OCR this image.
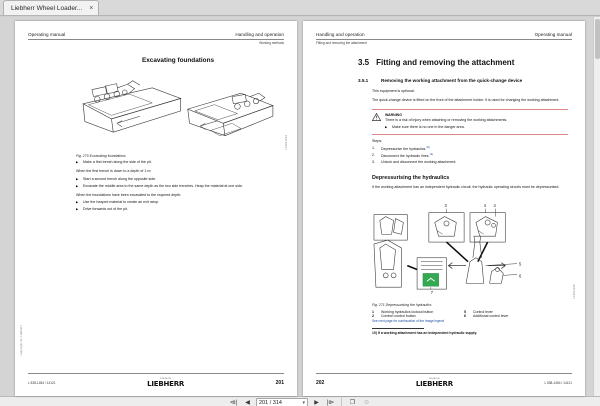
Liebherr Wheel Loader...	×
Operating manual	Handling and operation
Working methods
Excavating foundations
LFR/11224
Fig. 270 Excavating foundations
▶ Make a first trench along the side of the pit.

When the first trench is down to a depth of 1 m:

▶ Start a second trench along the opposite side.
▶ Excavate the middle area to the same depth as the two side trenches. Heap the material at one side.

When the foundations have been excavated to the required depth:

▶ Use the heaped material to create an exit ramp.
▶ Drive forwards out of the pit.
copyright by Liebherr
L 538-1454 / 14121
DIVISION
LIEBHERR	201
Handling and operation	Operating manual
Fitting and removing the attachment
3.5 Fitting and removing the attachment
3.5.1	Removing the working attachment from the quick-change device

This equipment is optional.

The quick-change device is fitted on the front of the attachment holder. It is used for changing the working attachment.

WARNING

There is a risk of injury when attaching or removing the working attachments.

▶ Make sure there is no one in the danger area.

Steps:

Depressurise the hydraulics.$^{10)}$
Disconnect the hydraulic lines.$^{10)}$
Unlock and disconnect the working attachment.
Depressurising the hydraulics

If the working attachment has an independent hydraulic circuit, the hydraulic operating circuits must be depressurised.

3	4 4
5
6
7	LFR/11225
Fig. 271 Depressurising the hydraulics
1	Working hydraulics lockout button
2	Comfort control button
5	Control lever
6	Additional control lever
See next page for continuation of the image legend
10) If a working attachment has an independent hydraulic supply.
202
DIVISION
LIEBHERR	L 538-1454 / 14121
⧏|	◀	201 / 314	▾	▶	|⧐	❐	⊝
